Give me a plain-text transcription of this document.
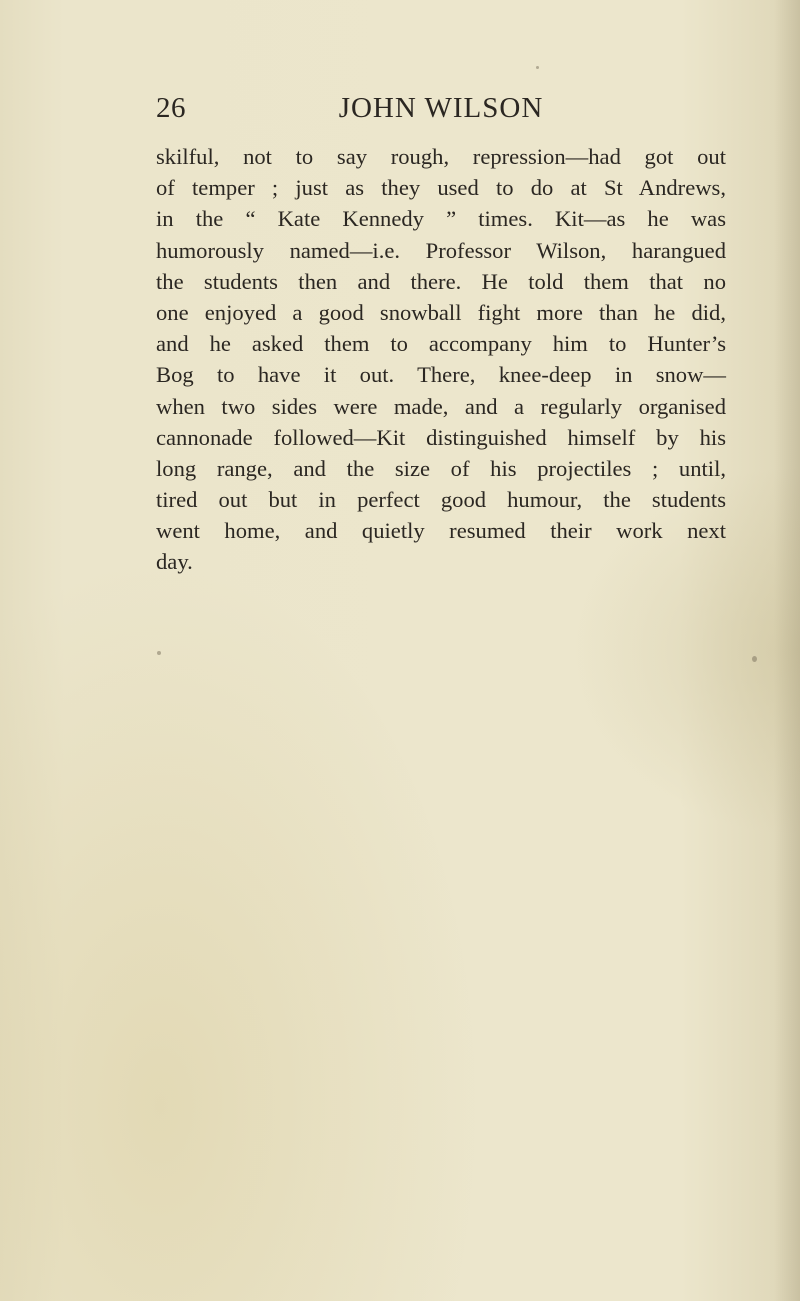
26	JOHN WILSON
skilful, not to say rough, repression—had got out
of temper ; just as they used to do at St Andrews,
in the “ Kate Kennedy ” times. Kit—as he was
humorously named—i.e. Professor Wilson, harangued
the students then and there. He told them that no
one enjoyed a good snowball fight more than he did,
and he asked them to accompany him to Hunter’s
Bog to have it out. There, knee-deep in snow—
when two sides were made, and a regularly organised
cannonade followed—Kit distinguished himself by his
long range, and the size of his projectiles ; until,
tired out but in perfect good humour, the students
went home, and quietly resumed their work next
day.
